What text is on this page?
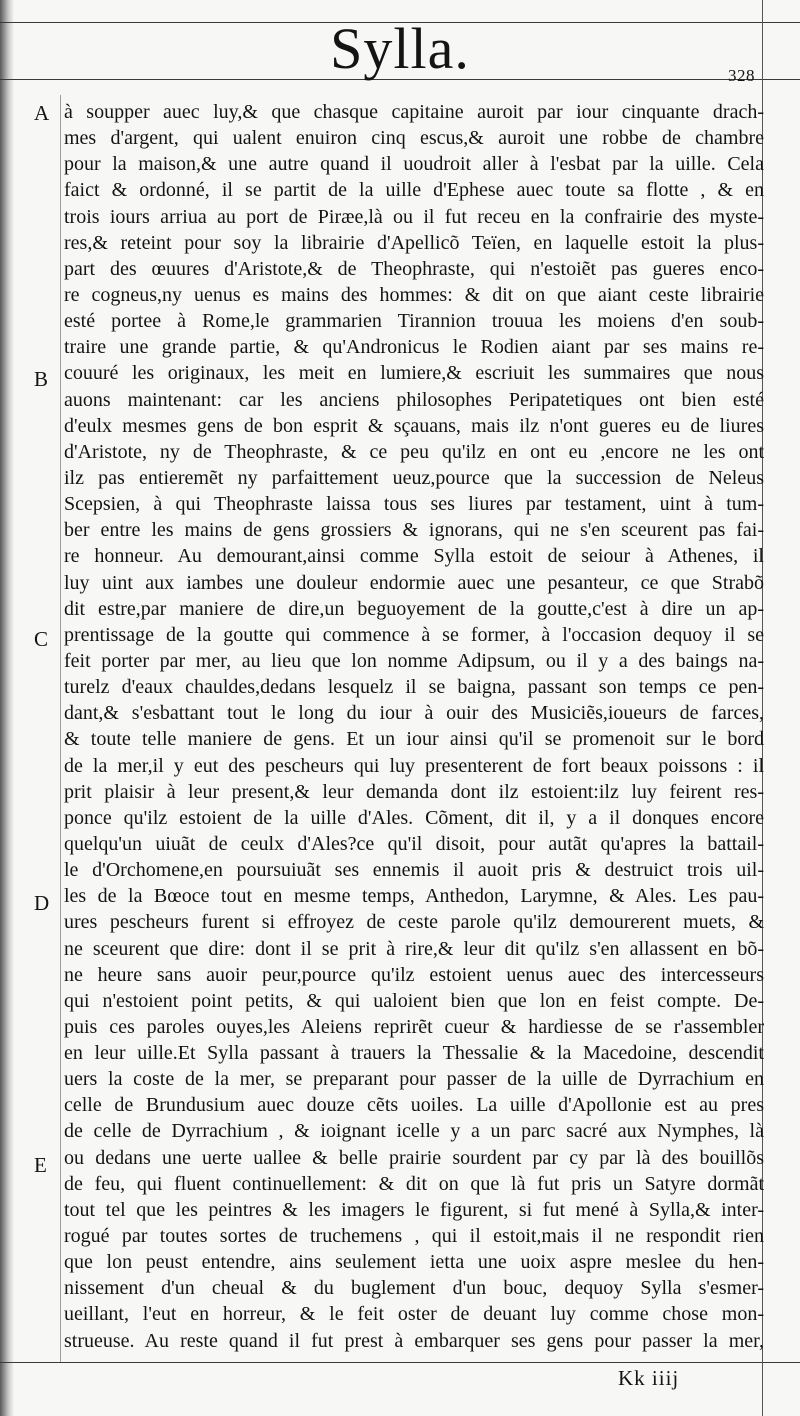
Sylla.	328
A
B
C
D
E
à soupper auec luy,& que chasque capitaine auroit par iour cinquante drach-
mes d'argent, qui ualent enuiron cinq escus,& auroit une robbe de chambre
pour la maison,& une autre quand il uoudroit aller à l'esbat par la uille. Cela
faict & ordonné, il se partit de la uille d'Ephese auec toute sa flotte , & en
trois iours arriua au port de Piræe,là ou il fut receu en la confrairie des myste-
res,& reteint pour soy la librairie d'Apellicõ Teïen, en laquelle estoit la plus-
part des œuures d'Aristote,& de Theophraste, qui n'estoiẽt pas gueres enco-
re cogneus,ny uenus es mains des hommes: & dit on que aiant ceste librairie
esté portee à Rome,le grammarien Tirannion trouua les moiens d'en soub-
traire une grande partie, & qu'Andronicus le Rodien aiant par ses mains re-
couuré les originaux, les meit en lumiere,& escriuit les summaires que nous
auons maintenant: car les anciens philosophes Peripatetiques ont bien esté
d'eulx mesmes gens de bon esprit & sçauans, mais ilz n'ont gueres eu de liures
d'Aristote, ny de Theophraste, & ce peu qu'ilz en ont eu ,encore ne les ont
ilz pas entieremẽt ny parfaittement ueuz,pource que la succession de Neleus
Scepsien, à qui Theophraste laissa tous ses liures par testament, uint à tum-
ber entre les mains de gens grossiers & ignorans, qui ne s'en sceurent pas fai-
re honneur. Au demourant,ainsi comme Sylla estoit de seiour à Athenes, il
luy uint aux iambes une douleur endormie auec une pesanteur, ce que Strabõ
dit estre,par maniere de dire,un beguoyement de la goutte,c'est à dire un ap-
prentissage de la goutte qui commence à se former, à l'occasion dequoy il se
feit porter par mer, au lieu que lon nomme Adipsum, ou il y a des baings na-
turelz d'eaux chauldes,dedans lesquelz il se baigna, passant son temps ce pen-
dant,& s'esbattant tout le long du iour à ouir des Musiciẽs,ioueurs de farces,
& toute telle maniere de gens. Et un iour ainsi qu'il se promenoit sur le bord
de la mer,il y eut des pescheurs qui luy presenterent de fort beaux poissons : il
prit plaisir à leur present,& leur demanda dont ilz estoient:ilz luy feirent res-
ponce qu'ilz estoient de la uille d'Ales. Cõment, dit il, y a il donques encore
quelqu'un uiuãt de ceulx d'Ales?ce qu'il disoit, pour autãt qu'apres la battail-
le d'Orchomene,en poursuiuãt ses ennemis il auoit pris & destruict trois uil-
les de la Bœoce tout en mesme temps, Anthedon, Larymne, & Ales. Les pau-
ures pescheurs furent si effroyez de ceste parole qu'ilz demourerent muets, &
ne sceurent que dire: dont il se prit à rire,& leur dit qu'ilz s'en allassent en bõ-
ne heure sans auoir peur,pource qu'ilz estoient uenus auec des intercesseurs
qui n'estoient point petits, & qui ualoient bien que lon en feist compte. De-
puis ces paroles ouyes,les Aleiens reprirẽt cueur & hardiesse de se r'assembler
en leur uille.Et Sylla passant à trauers la Thessalie & la Macedoine, descendit
uers la coste de la mer, se preparant pour passer de la uille de Dyrrachium en
celle de Brundusium auec douze cẽts uoiles. La uille d'Apollonie est au pres
de celle de Dyrrachium , & ioignant icelle y a un parc sacré aux Nymphes, là
ou dedans une uerte uallee & belle prairie sourdent par cy par là des bouillõs
de feu, qui fluent continuellement: & dit on que là fut pris un Satyre dormãt
tout tel que les peintres & les imagers le figurent, si fut mené à Sylla,& inter-
rogué par toutes sortes de truchemens , qui il estoit,mais il ne respondit rien
que lon peust entendre, ains seulement ietta une uoix aspre meslee du hen-
nissement d'un cheual & du buglement d'un bouc, dequoy Sylla s'esmer-
ueillant, l'eut en horreur, & le feit oster de deuant luy comme chose mon-
strueuse. Au reste quand il fut prest à embarquer ses gens pour passer la mer,
Kk iiij
